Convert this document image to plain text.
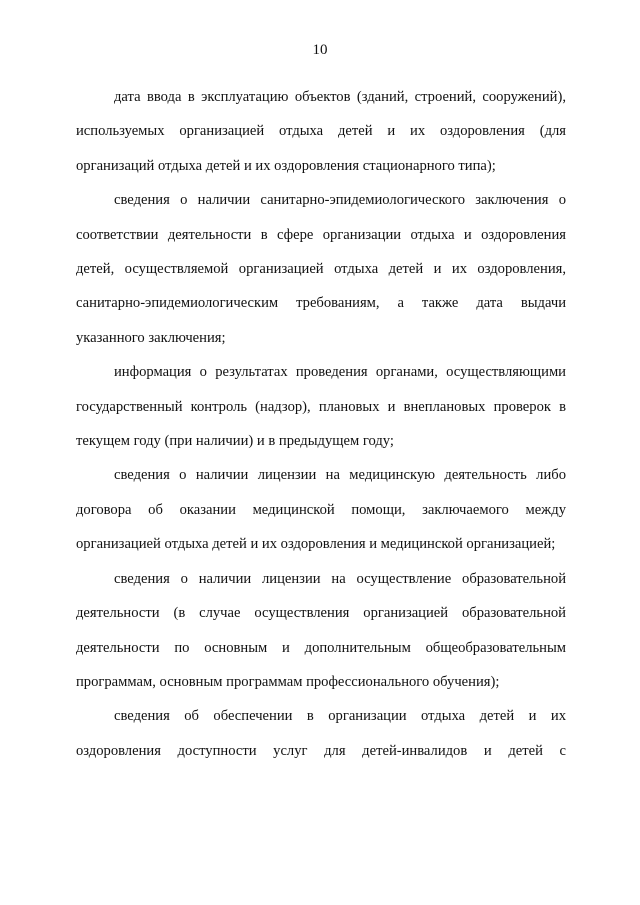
10

дата ввода в эксплуатацию объектов (зданий, строений, сооружений), используемых организацией отдыха детей и их оздоровления (для организаций отдыха детей и их оздоровления стационарного типа);

сведения о наличии санитарно-эпидемиологического заключения о соответствии деятельности в сфере организации отдыха и оздоровления детей, осуществляемой организацией отдыха детей и их оздоровления, санитарно-эпидемиологическим требованиям, а также дата выдачи указанного заключения;

информация о результатах проведения органами, осуществляющими государственный контроль (надзор), плановых и внеплановых проверок в текущем году (при наличии) и в предыдущем году;

сведения о наличии лицензии на медицинскую деятельность либо договора об оказании медицинской помощи, заключаемого между организацией отдыха детей и их оздоровления и медицинской организацией;

сведения о наличии лицензии на осуществление образовательной деятельности (в случае осуществления организацией образовательной деятельности по основным и дополнительным общеобразовательным программам, основным программам профессионального обучения);

сведения об обеспечении в организации отдыха детей и их оздоровления доступности услуг для детей-инвалидов и детей с
